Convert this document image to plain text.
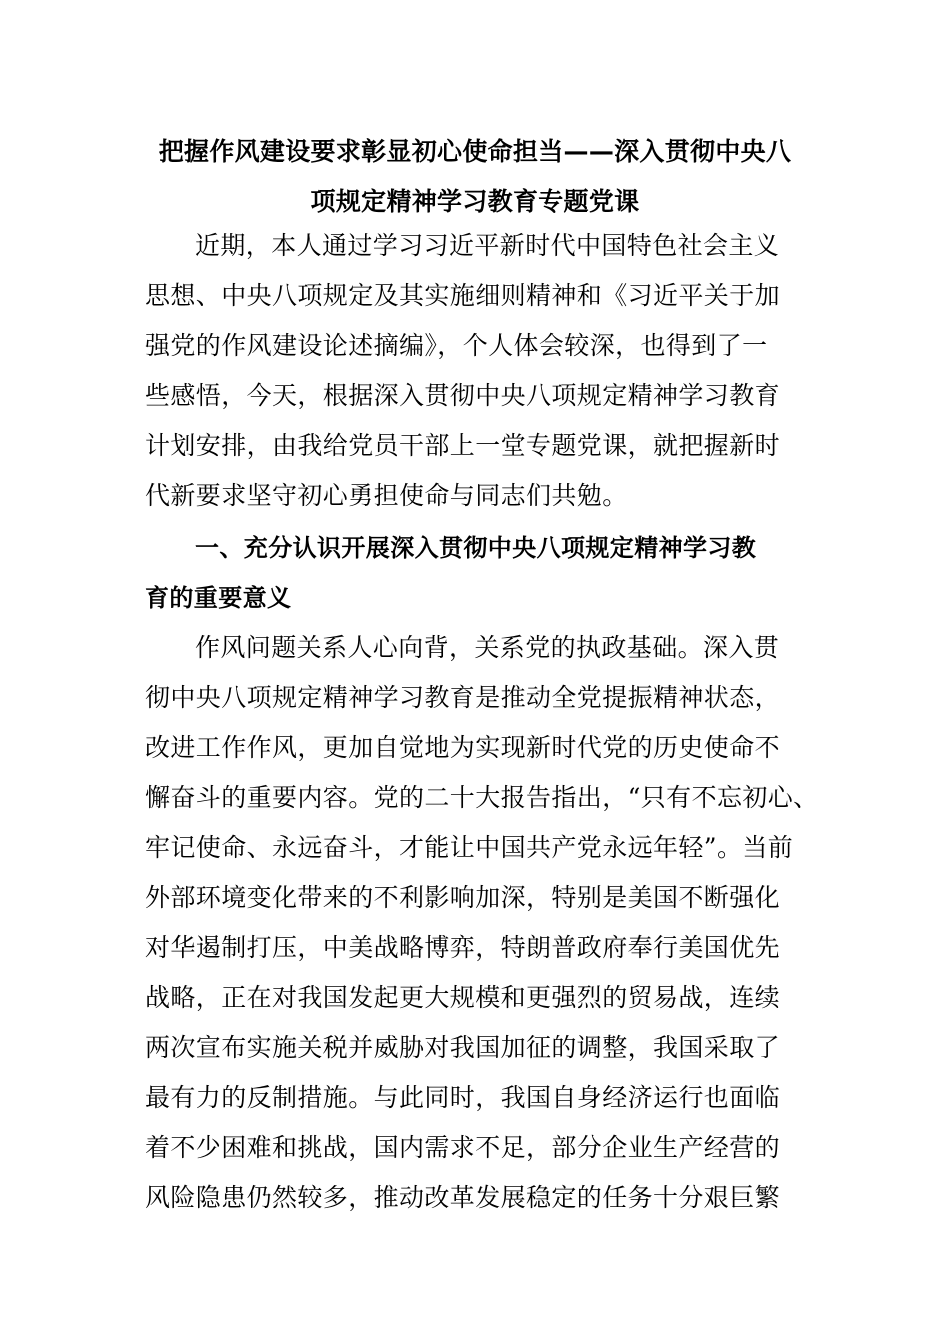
把握作风建设要求彰显初心使命担当——深入贯彻中央八
项规定精神学习教育专题党课
近期，本人通过学习习近平新时代中国特色社会主义
思想、中央八项规定及其实施细则精神和《习近平关于加
强党的作风建设论述摘编》，个人体会较深，也得到了一
些感悟，今天，根据深入贯彻中央八项规定精神学习教育
计划安排，由我给党员干部上一堂专题党课，就把握新时
代新要求坚守初心勇担使命与同志们共勉。
一、充分认识开展深入贯彻中央八项规定精神学习教
育的重要意义
作风问题关系人心向背，关系党的执政基础。深入贯
彻中央八项规定精神学习教育是推动全党提振精神状态，
改进工作作风，更加自觉地为实现新时代党的历史使命不
懈奋斗的重要内容。党的二十大报告指出，“只有不忘初心、
牢记使命、永远奋斗，才能让中国共产党永远年轻”。当前
外部环境变化带来的不利影响加深，特别是美国不断强化
对华遏制打压，中美战略博弈，特朗普政府奉行美国优先
战略，正在对我国发起更大规模和更强烈的贸易战，连续
两次宣布实施关税并威胁对我国加征的调整，我国采取了
最有力的反制措施。与此同时，我国自身经济运行也面临
着不少困难和挑战，国内需求不足，部分企业生产经营的
风险隐患仍然较多，推动改革发展稳定的任务十分艰巨繁
